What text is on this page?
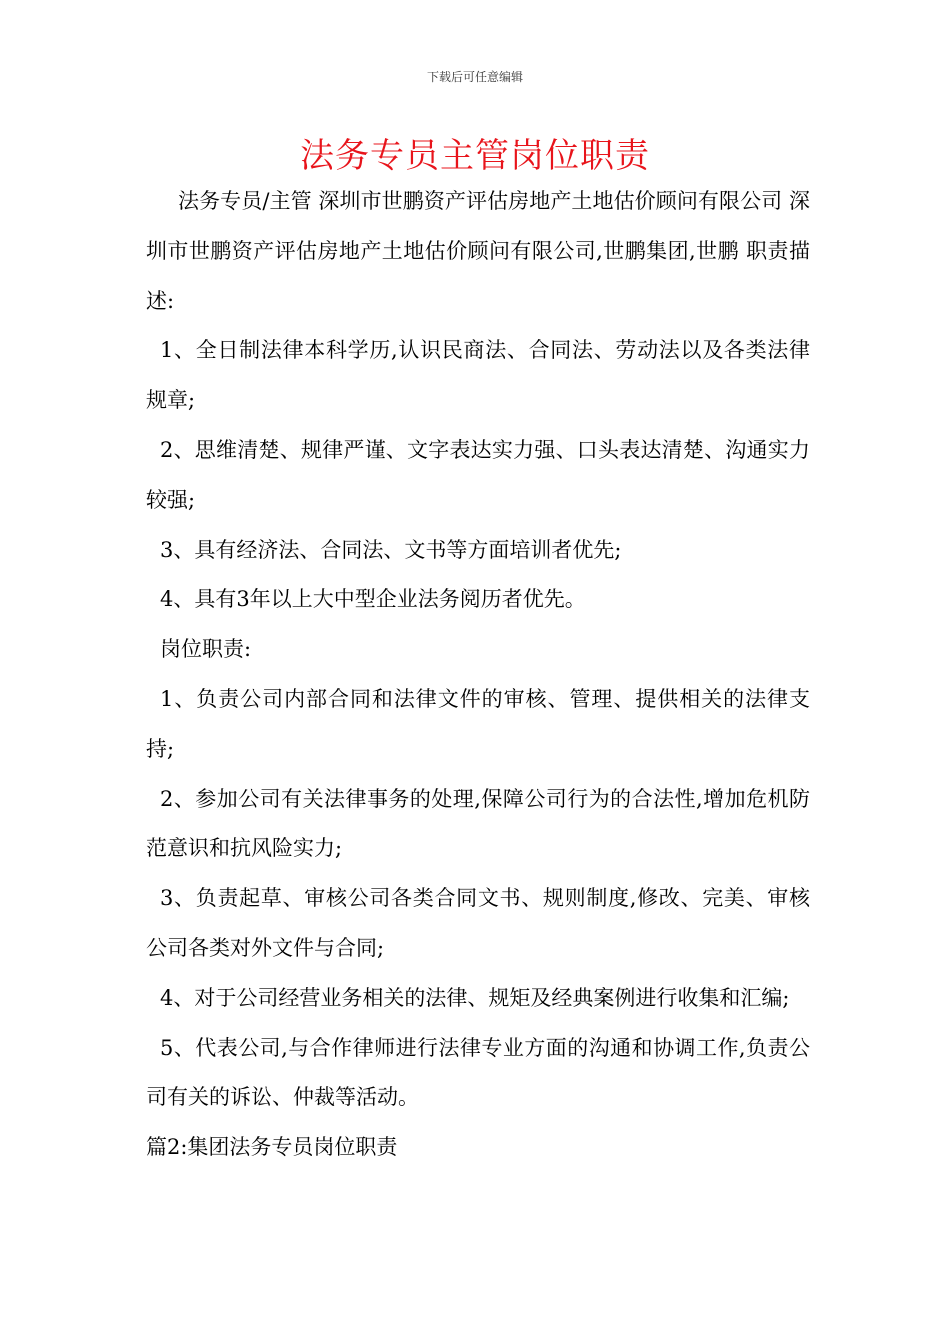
下载后可任意编辑
法务专员主管岗位职责

法务专员/主管 深圳市世鹏资产评估房地产土地估价顾问有限公司 深圳市世鹏资产评估房地产土地估价顾问有限公司,世鹏集团,世鹏 职责描述:

1、全日制法律本科学历,认识民商法、合同法、劳动法以及各类法律规章;

2、思维清楚、规律严谨、文字表达实力强、口头表达清楚、沟通实力较强;

3、具有经济法、合同法、文书等方面培训者优先;

4、具有3年以上大中型企业法务阅历者优先。

岗位职责:

1、负责公司内部合同和法律文件的审核、管理、提供相关的法律支持;

2、参加公司有关法律事务的处理,保障公司行为的合法性,增加危机防范意识和抗风险实力;

3、负责起草、审核公司各类合同文书、规则制度,修改、完美、审核公司各类对外文件与合同;

4、对于公司经营业务相关的法律、规矩及经典案例进行收集和汇编;

5、代表公司,与合作律师进行法律专业方面的沟通和协调工作,负责公司有关的诉讼、仲裁等活动。

篇2:集团法务专员岗位职责
